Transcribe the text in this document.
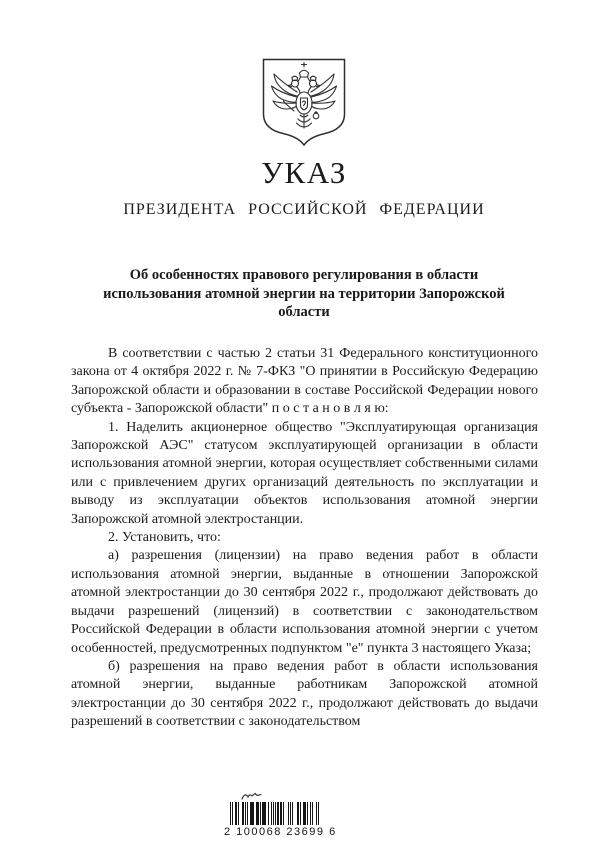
УКАЗ
ПРЕЗИДЕНТА РОССИЙСКОЙ ФЕДЕРАЦИИ
Об особенностях правового регулирования в области использования атомной энергии на территории Запорожской области

В соответствии с частью 2 статьи 31 Федерального конституционного закона от 4 октября 2022 г. № 7-ФКЗ "О принятии в Российскую Федерацию Запорожской области и образовании в составе Российской Федерации нового субъекта - Запорожской области" п о с т а н о в л я ю:

1. Наделить акционерное общество "Эксплуатирующая организация Запорожской АЭС" статусом эксплуатирующей организации в области использования атомной энергии, которая осуществляет собственными силами или с привлечением других организаций деятельность по эксплуатации и выводу из эксплуатации объектов использования атомной энергии Запорожской атомной электростанции.

2. Установить, что:

а) разрешения (лицензии) на право ведения работ в области использования атомной энергии, выданные в отношении Запорожской атомной электростанции до 30 сентября 2022 г., продолжают действовать до выдачи разрешений (лицензий) в соответствии с законодательством Российской Федерации в области использования атомной энергии с учетом особенностей, предусмотренных подпунктом "е" пункта 3 настоящего Указа;

б) разрешения на право ведения работ в области использования атомной энергии, выданные работникам Запорожской атомной электростанции до 30 сентября 2022 г., продолжают действовать до выдачи разрешений в соответствии с законодательством

2 100068 23699 6
